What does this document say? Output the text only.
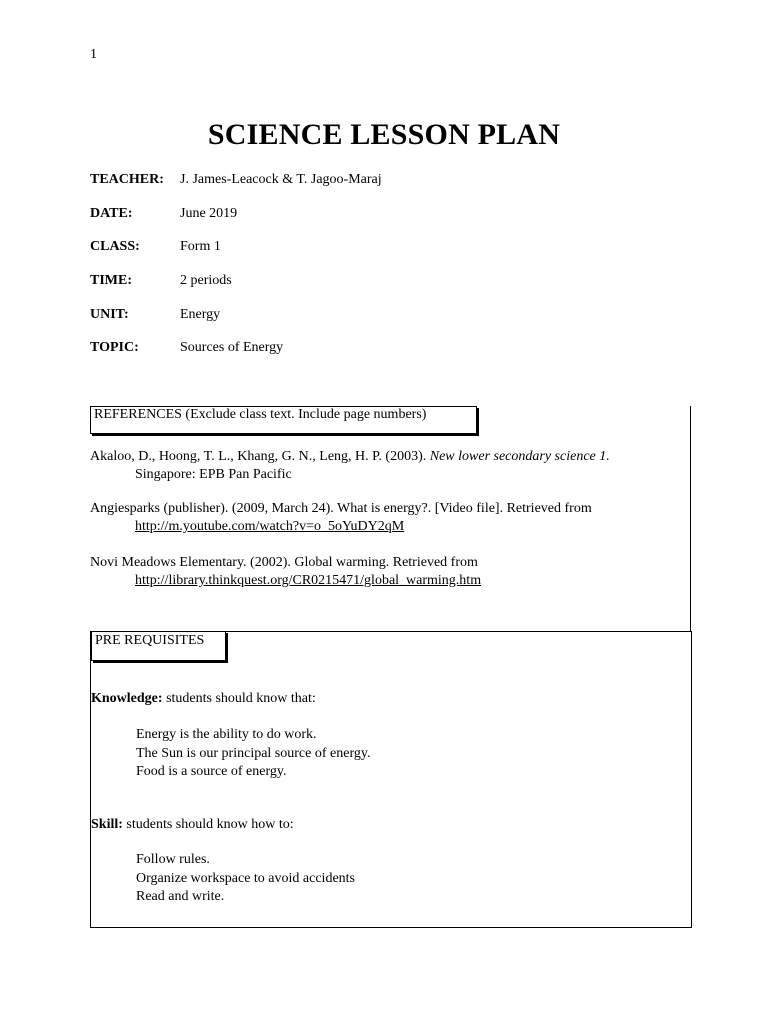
1
SCIENCE LESSON PLAN
TEACHER: J. James-Leacock & T. Jagoo-Maraj
DATE:	June 2019
CLASS:	Form 1
TIME:	2 periods
UNIT:	Energy
TOPIC:	Sources of Energy
REFERENCES (Exclude class text. Include page numbers)
Akaloo, D., Hoong, T. L., Khang, G. N., Leng, H. P. (2003). New lower secondary science 1.
Singapore: EPB Pan Pacific
Angiesparks (publisher). (2009, March 24). What is energy?. [Video file]. Retrieved from
http://m.youtube.com/watch?v=o_5oYuDY2qM
Novi Meadows Elementary. (2002). Global warming. Retrieved from
http://library.thinkquest.org/CR0215471/global_warming.htm
PRE REQUISITES
Knowledge: students should know that:
Energy is the ability to do work.
The Sun is our principal source of energy.
Food is a source of energy.
Skill: students should know how to:
Follow rules.
Organize workspace to avoid accidents
Read and write.
